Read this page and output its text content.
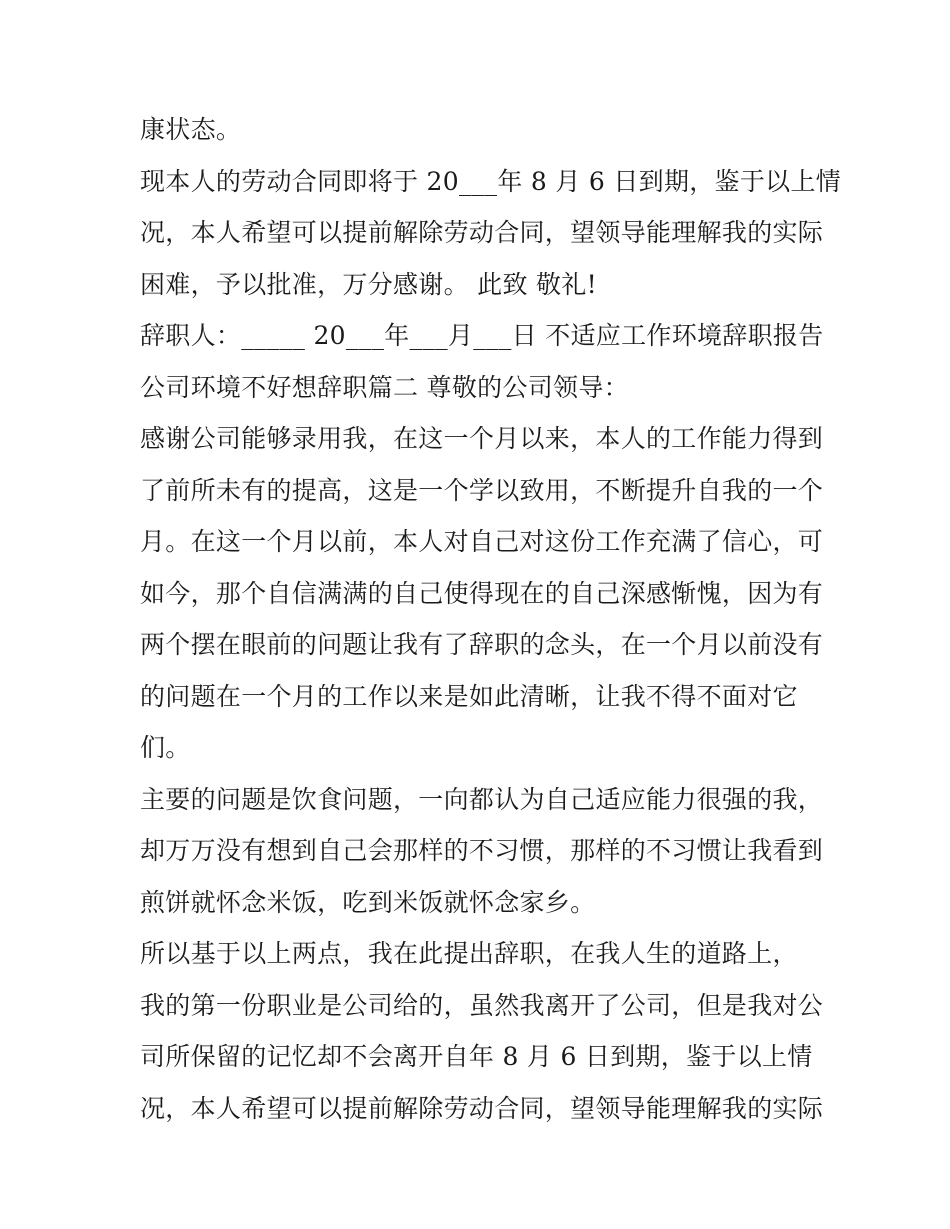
康状态。
现本人的劳动合同即将于 20___年 8 月 6 日到期，鉴于以上情
况，本人希望可以提前解除劳动合同，望领导能理解我的实际
困难，予以批准，万分感谢。 此致 敬礼!
辞职人：_____ 20___年___月___日 不适应工作环境辞职报告
公司环境不好想辞职篇二 尊敬的公司领导：
感谢公司能够录用我，在这一个月以来，本人的工作能力得到
了前所未有的提高，这是一个学以致用，不断提升自我的一个
月。在这一个月以前，本人对自己对这份工作充满了信心，可
如今，那个自信满满的自己使得现在的自己深感惭愧，因为有
两个摆在眼前的问题让我有了辞职的念头，在一个月以前没有
的问题在一个月的工作以来是如此清晰，让我不得不面对它
们。
主要的问题是饮食问题，一向都认为自己适应能力很强的我，
却万万没有想到自己会那样的不习惯，那样的不习惯让我看到
煎饼就怀念米饭，吃到米饭就怀念家乡。
所以基于以上两点，我在此提出辞职，在我人生的道路上，
我的第一份职业是公司给的，虽然我离开了公司，但是我对公
司所保留的记忆却不会离开自年 8 月 6 日到期，鉴于以上情
况，本人希望可以提前解除劳动合同，望领导能理解我的实际
